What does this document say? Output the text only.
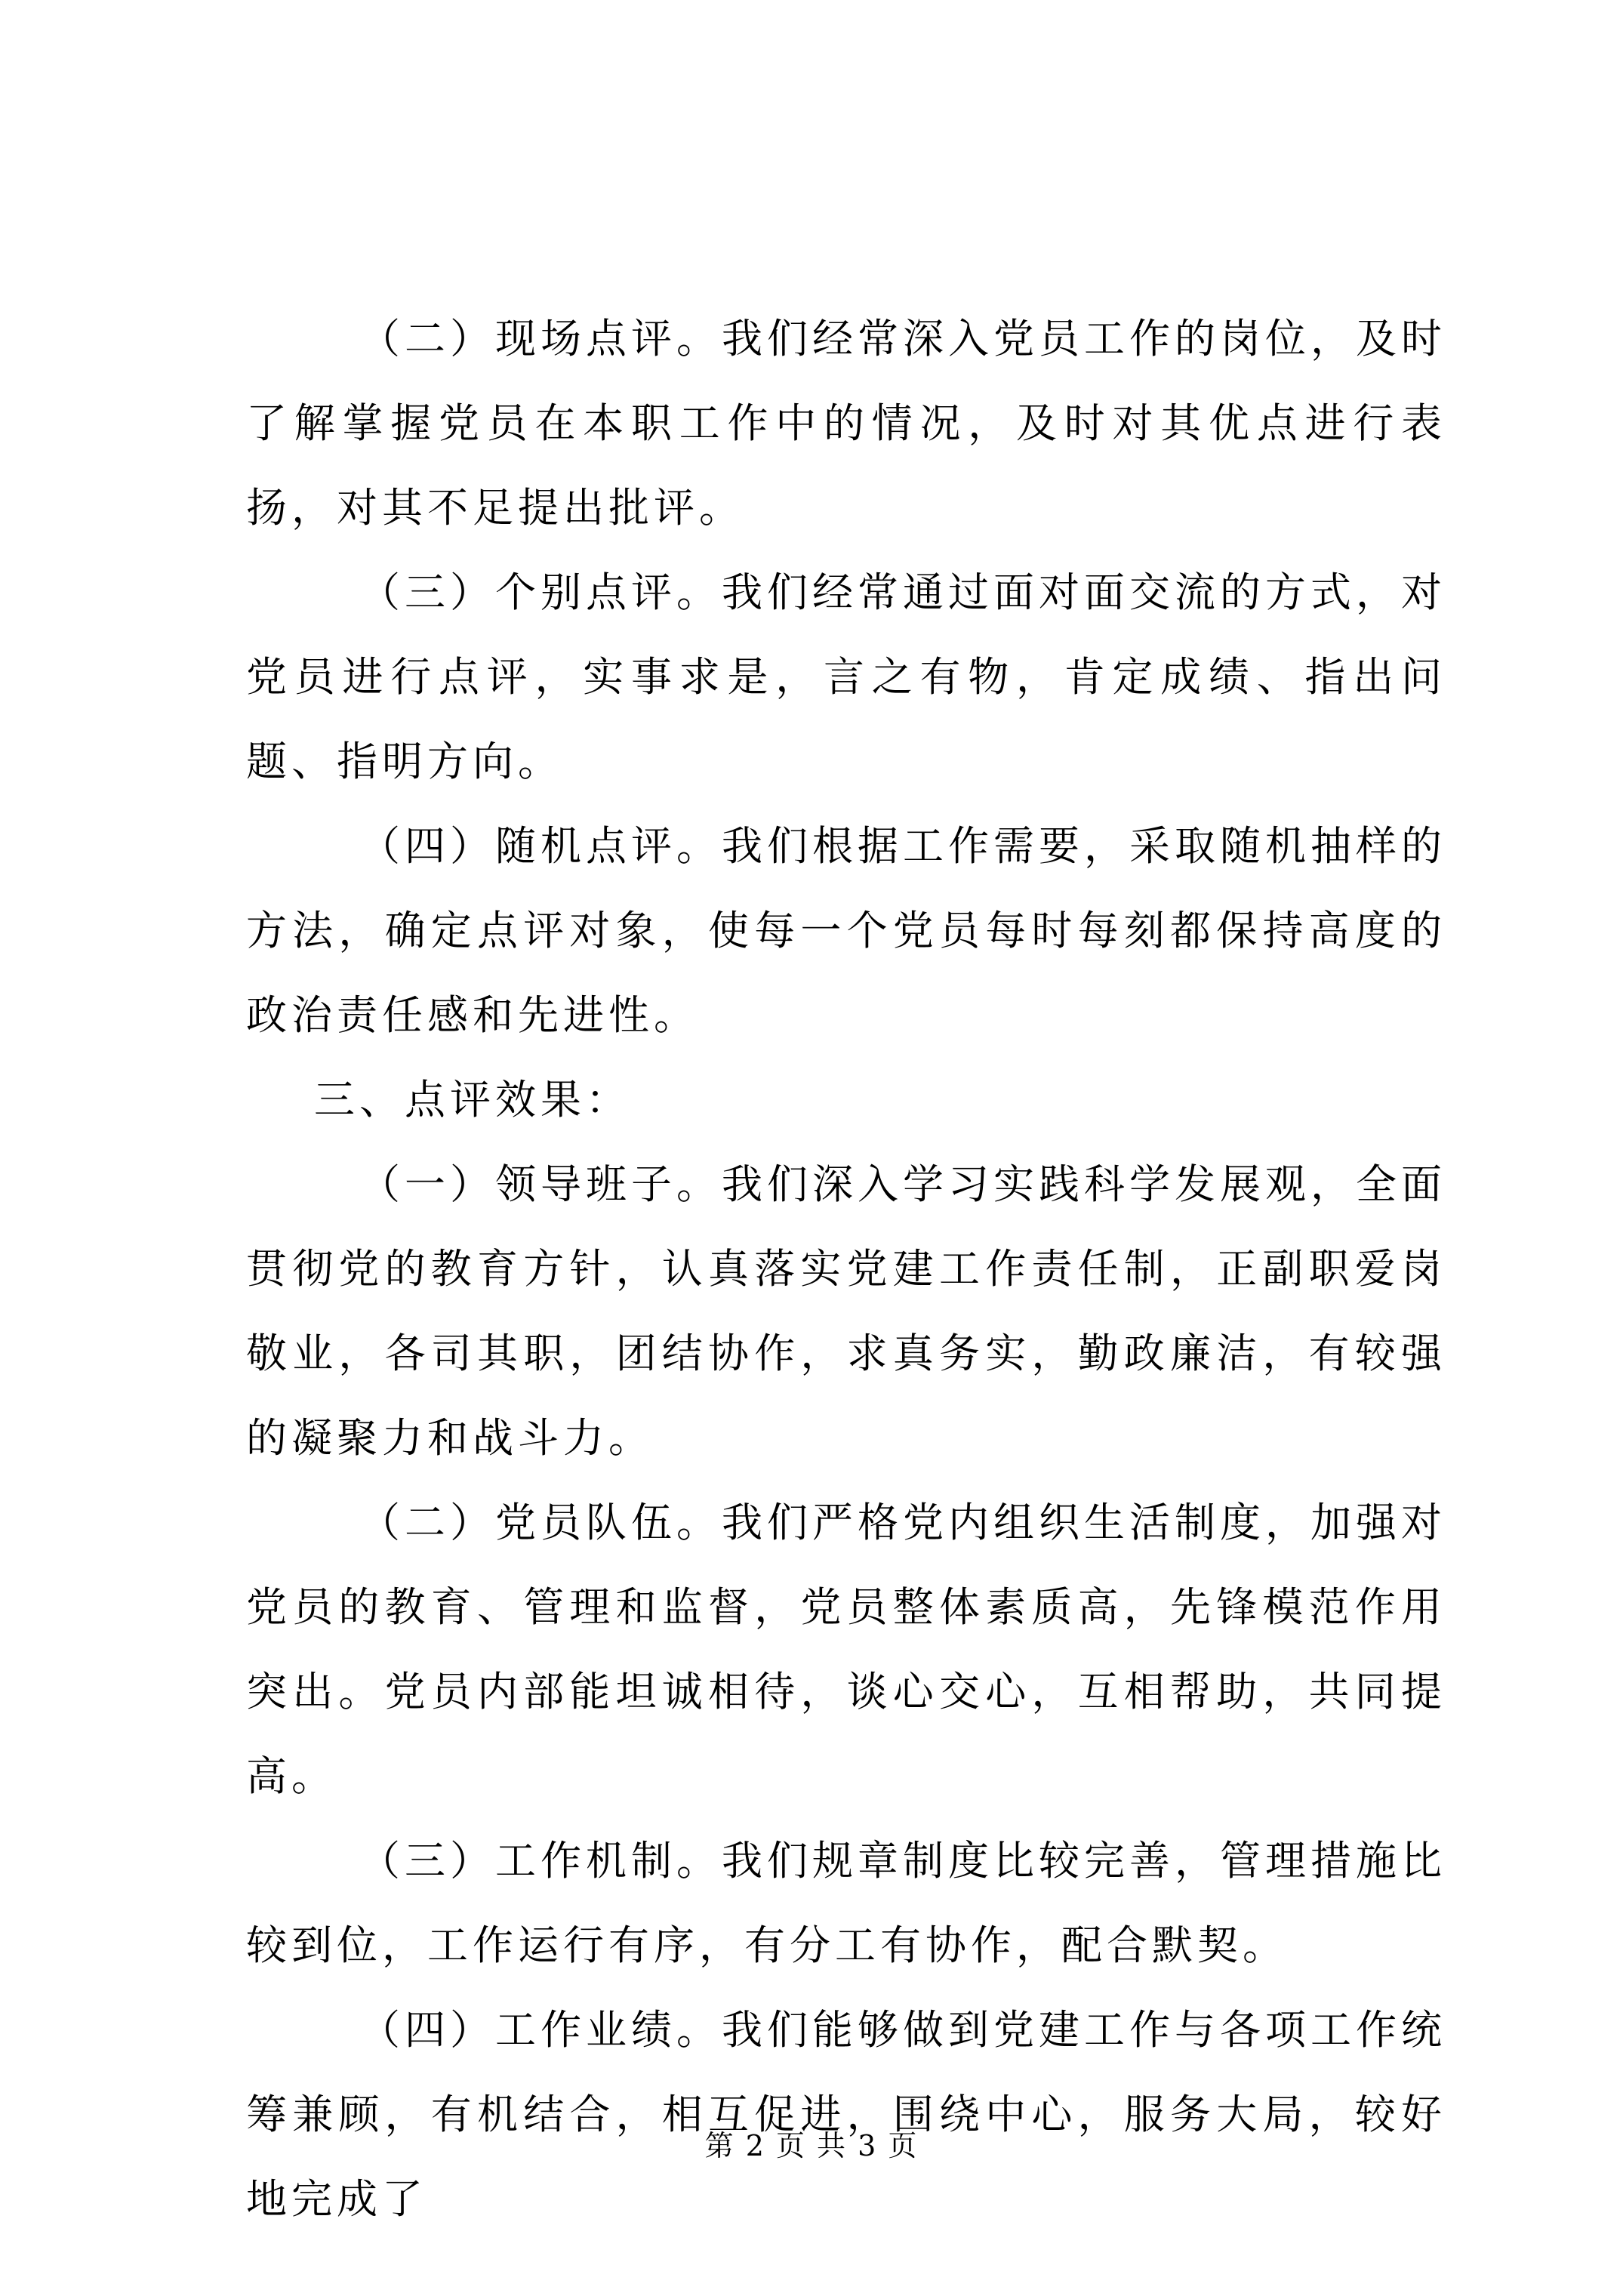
（二）现场点评。我们经常深入党员工作的岗位，及时了解掌握党员在本职工作中的情况，及时对其优点进行表扬，对其不足提出批评。

（三）个别点评。我们经常通过面对面交流的方式，对党员进行点评，实事求是，言之有物，肯定成绩、指出问题、指明方向。

（四）随机点评。我们根据工作需要，采取随机抽样的方法，确定点评对象，使每一个党员每时每刻都保持高度的政治责任感和先进性。

三、点评效果：

（一）领导班子。我们深入学习实践科学发展观，全面贯彻党的教育方针，认真落实党建工作责任制，正副职爱岗敬业，各司其职，团结协作，求真务实，勤政廉洁，有较强的凝聚力和战斗力。

（二）党员队伍。我们严格党内组织生活制度，加强对党员的教育、管理和监督，党员整体素质高，先锋模范作用突出。党员内部能坦诚相待，谈心交心，互相帮助，共同提高。

（三）工作机制。我们规章制度比较完善，管理措施比较到位，工作运行有序，有分工有协作，配合默契。

（四）工作业绩。我们能够做到党建工作与各项工作统筹兼顾，有机结合，相互促进，围绕中心，服务大局，较好地完成了

第 2 页 共 3 页
